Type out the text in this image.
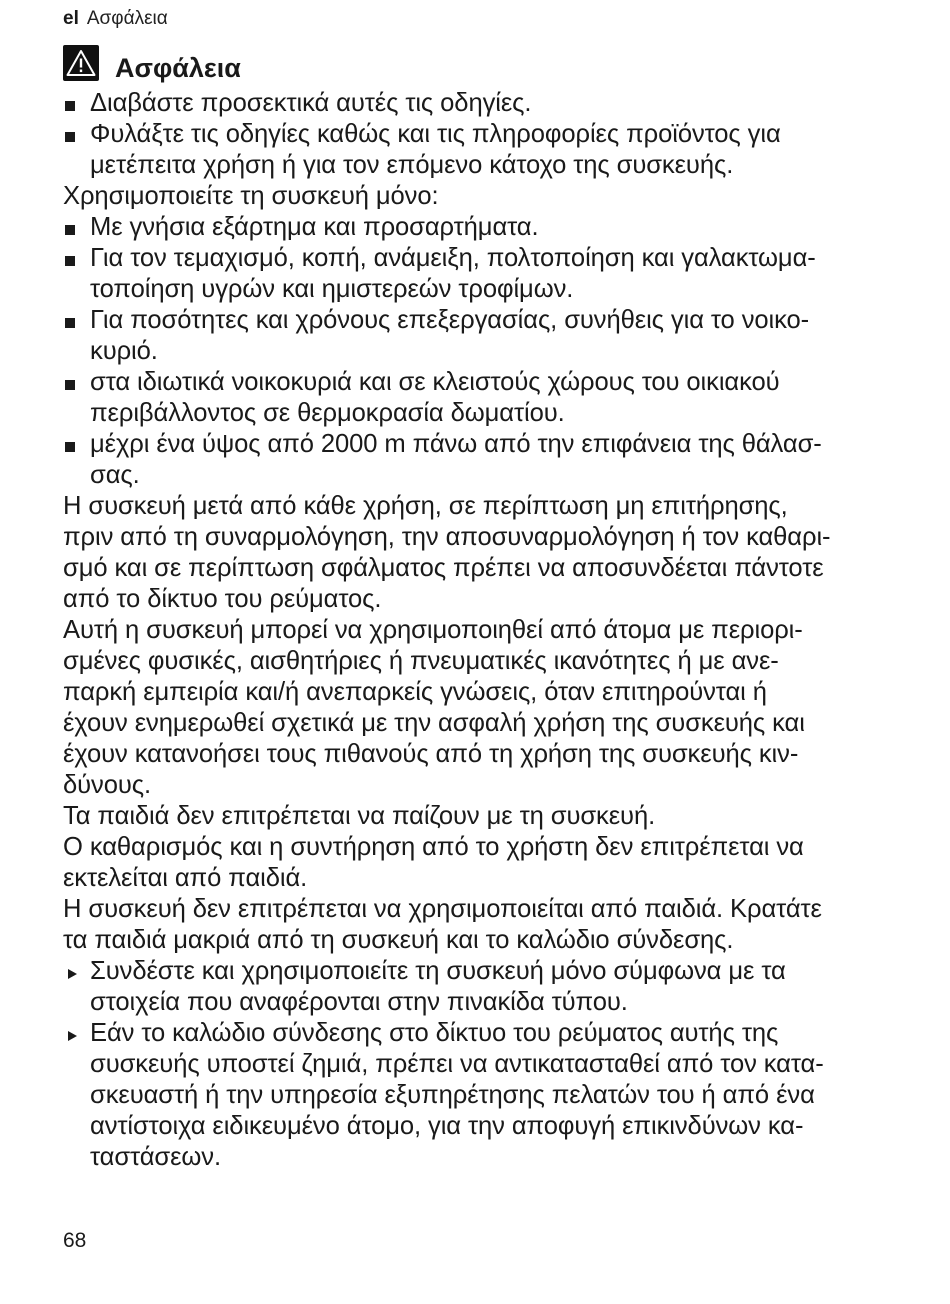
el Ασφάλεια
Ασφάλεια
Διαβάστε προσεκτικά αυτές τις οδηγίες.
Φυλάξτε τις οδηγίες καθώς και τις πληροφορίες προϊόντος για
μετέπειτα χρήση ή για τον επόμενο κάτοχο της συσκευής.
Χρησιμοποιείτε τη συσκευή μόνο:
Με γνήσια εξάρτημα και προσαρτήματα.
Για τον τεμαχισμό, κοπή, ανάμειξη, πολτοποίηση και γαλακτωμα-
τοποίηση υγρών και ημιστερεών τροφίμων.
Για ποσότητες και χρόνους επεξεργασίας, συνήθεις για το νοικο-
κυριό.
στα ιδιωτικά νοικοκυριά και σε κλειστούς χώρους του οικιακού
περιβάλλοντος σε θερμοκρασία δωματίου.
μέχρι ένα ύψος από 2000 m πάνω από την επιφάνεια της θάλασ-
σας.
Η συσκευή μετά από κάθε χρήση, σε περίπτωση μη επιτήρησης,
πριν από τη συναρμολόγηση, την αποσυναρμολόγηση ή τον καθαρι-
σμό και σε περίπτωση σφάλματος πρέπει να αποσυνδέεται πάντοτε
από το δίκτυο του ρεύματος.
Αυτή η συσκευή μπορεί να χρησιμοποιηθεί από άτομα με περιορι-
σμένες φυσικές, αισθητήριες ή πνευματικές ικανότητες ή με ανε-
παρκή εμπειρία και/ή ανεπαρκείς γνώσεις, όταν επιτηρούνται ή
έχουν ενημερωθεί σχετικά με την ασφαλή χρήση της συσκευής και
έχουν κατανοήσει τους πιθανούς από τη χρήση της συσκευής κιν-
δύνους.
Τα παιδιά δεν επιτρέπεται να παίζουν με τη συσκευή.
Ο καθαρισμός και η συντήρηση από το χρήστη δεν επιτρέπεται να
εκτελείται από παιδιά.
Η συσκευή δεν επιτρέπεται να χρησιμοποιείται από παιδιά. Κρατάτε
τα παιδιά μακριά από τη συσκευή και το καλώδιο σύνδεσης.
Συνδέστε και χρησιμοποιείτε τη συσκευή μόνο σύμφωνα με τα
στοιχεία που αναφέρονται στην πινακίδα τύπου.
Εάν το καλώδιο σύνδεσης στο δίκτυο του ρεύματος αυτής της
συσκευής υποστεί ζημιά, πρέπει να αντικατασταθεί από τον κατα-
σκευαστή ή την υπηρεσία εξυπηρέτησης πελατών του ή από ένα
αντίστοιχα ειδικευμένο άτομο, για την αποφυγή επικινδύνων κα-
ταστάσεων.
68
